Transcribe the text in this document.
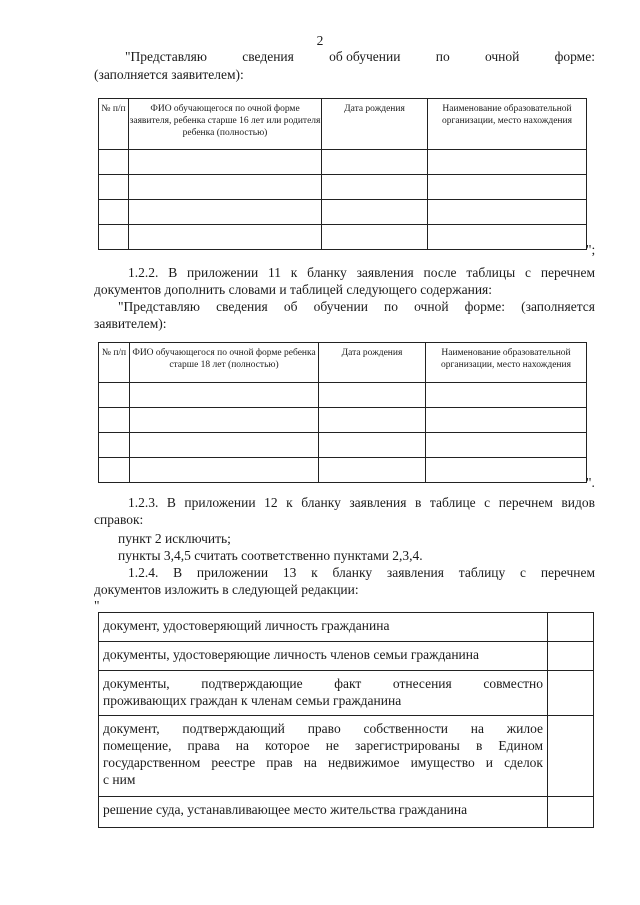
2
"Представляю	сведения	об обучении	по	очной	форме:
(заполняется заявителем):
№ п/п	ФИО обучающегося по очной форме заявителя, ребенка старше 16 лет или родителя ребенка (полностью)	Дата рождения	Наименование образовательной организации, место нахождения

";
1.2.2. В приложении 11 к бланку заявления после таблицы с перечнем
документов дополнить словами и таблицей следующего содержания:
"Представляю сведения об обучении по очной форме: (заполняется
заявителем):
№ п/п	ФИО обучающегося по очной форме ребенка старше 18 лет (полностью)	Дата рождения	Наименование образовательной организации, место нахождения

".
1.2.3. В приложении 12 к бланку заявления в таблице с перечнем видов
справок:
пункт 2 исключить;
пункты 3,4,5 считать соответственно пунктами 2,3,4.
1.2.4. В приложении 13 к бланку заявления таблицу с перечнем
документов изложить в следующей редакции:
"
документ, удостоверяющий личность гражданина	

документы, удостоверяющие личность членов семьи гражданина	

документы, подтверждающие факт отнесения совместно
проживающих граждан к членам семьи гражданина	

документ, подтверждающий право собственности на жилое
помещение, права на которое не зарегистрированы в Едином
государственном реестре прав на недвижимое имущество и сделок
с ним	

решение суда, устанавливающее место жительства гражданина	
